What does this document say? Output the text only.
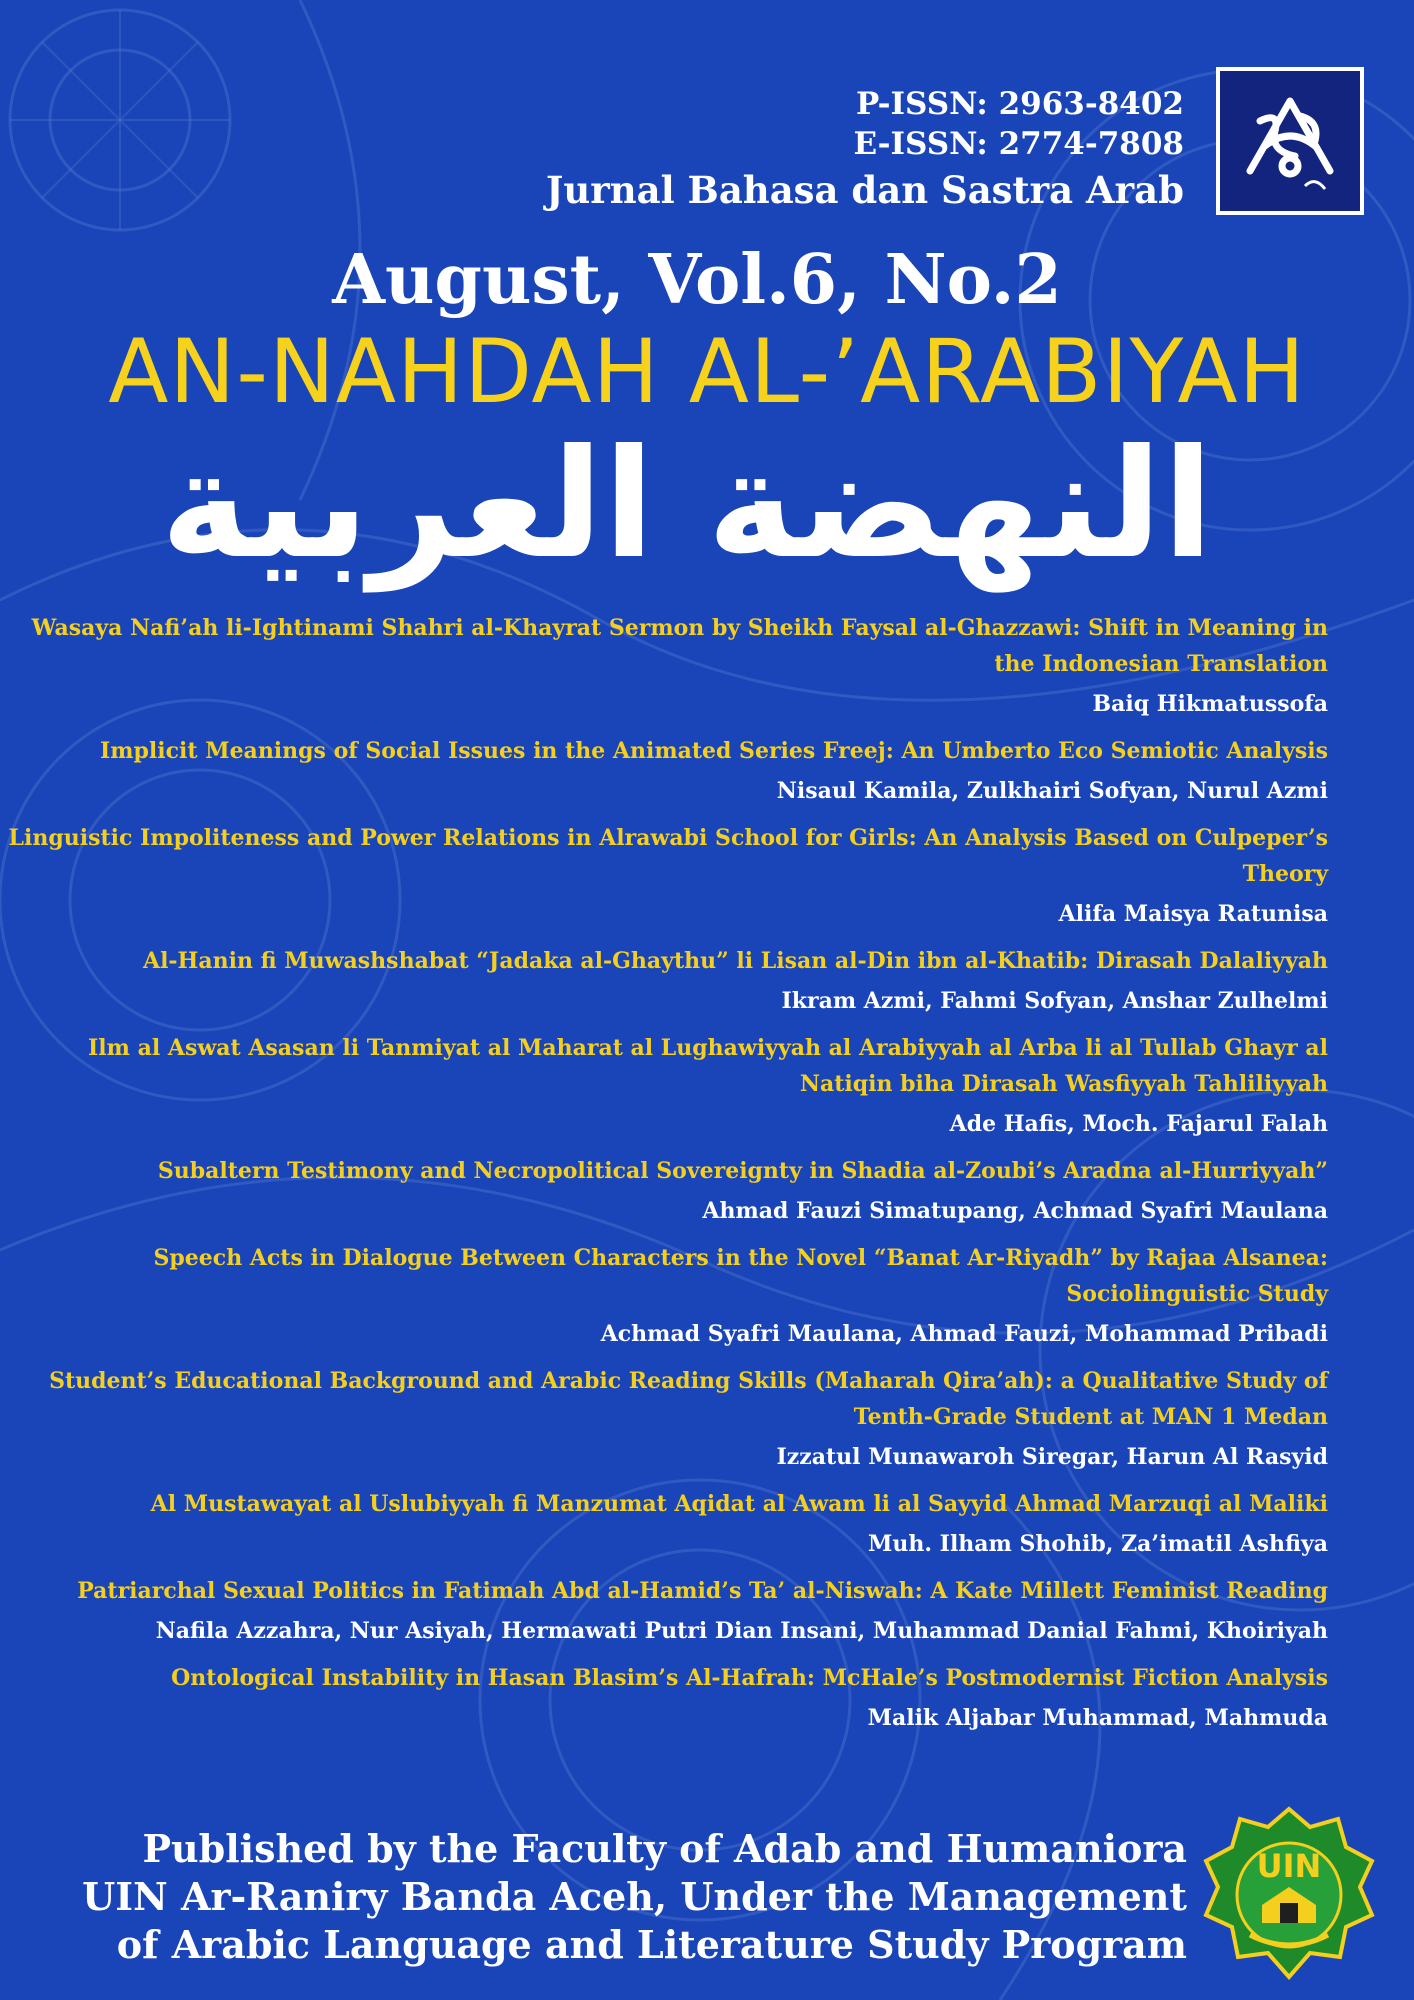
P-ISSN: 2963-8402
E-ISSN: 2774-7808
Jurnal Bahasa dan Sastra Arab
August, Vol.6, No.2
AN-NAHDAH AL-’ARABIYAH
النهضة العربية
Wasaya Nafi’ah li-Ightinami Shahri al-Khayrat Sermon by Sheikh Faysal al-Ghazzawi: Shift in Meaning in the Indonesian Translation
Baiq Hikmatussofa
Implicit Meanings of Social Issues in the Animated Series Freej: An Umberto Eco Semiotic Analysis
Nisaul Kamila, Zulkhairi Sofyan, Nurul Azmi
Linguistic Impoliteness and Power Relations in Alrawabi School for Girls: An Analysis Based on Culpeper’s Theory
Alifa Maisya Ratunisa
Al-Hanin fi Muwashshabat “Jadaka al-Ghaythu” li Lisan al-Din ibn al-Khatib: Dirasah Dalaliyyah
Ikram Azmi, Fahmi Sofyan, Anshar Zulhelmi
Ilm al Aswat Asasan li Tanmiyat al Maharat al Lughawiyyah al Arabiyyah al Arba li al Tullab Ghayr al Natiqin biha Dirasah Wasfiyyah Tahliliyyah
Ade Hafis, Moch. Fajarul Falah
Subaltern Testimony and Necropolitical Sovereignty in Shadia al-Zoubi’s Aradna al-Hurriyyah”
Ahmad Fauzi Simatupang, Achmad Syafri Maulana
Speech Acts in Dialogue Between Characters in the Novel “Banat Ar-Riyadh” by Rajaa Alsanea: Sociolinguistic Study
Achmad Syafri Maulana, Ahmad Fauzi, Mohammad Pribadi
Student’s Educational Background and Arabic Reading Skills (Maharah Qira’ah): a Qualitative Study of Tenth-Grade Student at MAN 1 Medan
Izzatul Munawaroh Siregar, Harun Al Rasyid
Al Mustawayat al Uslubiyyah fi Manzumat Aqidat al Awam li al Sayyid Ahmad Marzuqi al Maliki
Muh. Ilham Shohib, Za’imatil Ashfiya
Patriarchal Sexual Politics in Fatimah Abd al-Hamid’s Ta’ al-Niswah: A Kate Millett Feminist Reading
Nafila Azzahra, Nur Asiyah, Hermawati Putri Dian Insani, Muhammad Danial Fahmi, Khoiriyah
Ontological Instability in Hasan Blasim’s Al-Hafrah: McHale’s Postmodernist Fiction Analysis
Malik Aljabar Muhammad, Mahmuda
Published by the Faculty of Adab and Humaniora
UIN Ar-Raniry Banda Aceh, Under the Management
of Arabic Language and Literature Study Program
UIN
